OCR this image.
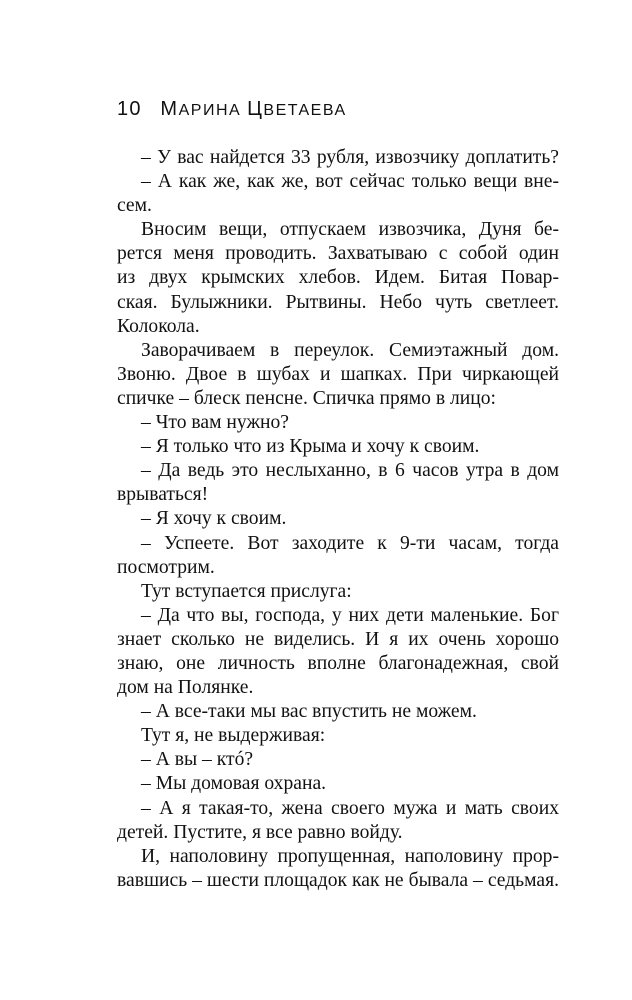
10 МАРИНА ЦВЕТАЕВА
– У вас найдется 33 рубля, извозчику доплатить?
– А как же, как же, вот сейчас только вещи вне-
сем.
Вносим вещи, отпускаем извозчика, Дуня бе-
рется меня проводить. Захватываю с собой один
из двух крымских хлебов. Идем. Битая Повар-
ская. Булыжники. Рытвины. Небо чуть светлеет.
Колокола.
Заворачиваем в переулок. Семиэтажный дом.
Звоню. Двое в шубах и шапках. При чиркающей
спичке – блеск пенсне. Спичка прямо в лицо:
– Что вам нужно?
– Я только что из Крыма и хочу к своим.
– Да ведь это неслыханно, в 6 часов утра в дом
врываться!
– Я хочу к своим.
– Успеете. Вот заходите к 9-ти часам, тогда
посмотрим.
Тут вступается прислуга:
– Да что вы, господа, у них дети маленькие. Бог
знает сколько не виделись. И я их очень хорошо
знаю, оне личность вполне благонадежная, свой
дом на Полянке.
– А все-таки мы вас впустить не можем.
Тут я, не выдерживая:
– А вы – ктó?
– Мы домовая охрана.
– А я такая-то, жена своего мужа и мать своих
детей. Пустите, я все равно войду.
И, наполовину пропущенная, наполовину прор-
вавшись – шести площадок как не бывала – седьмая.
